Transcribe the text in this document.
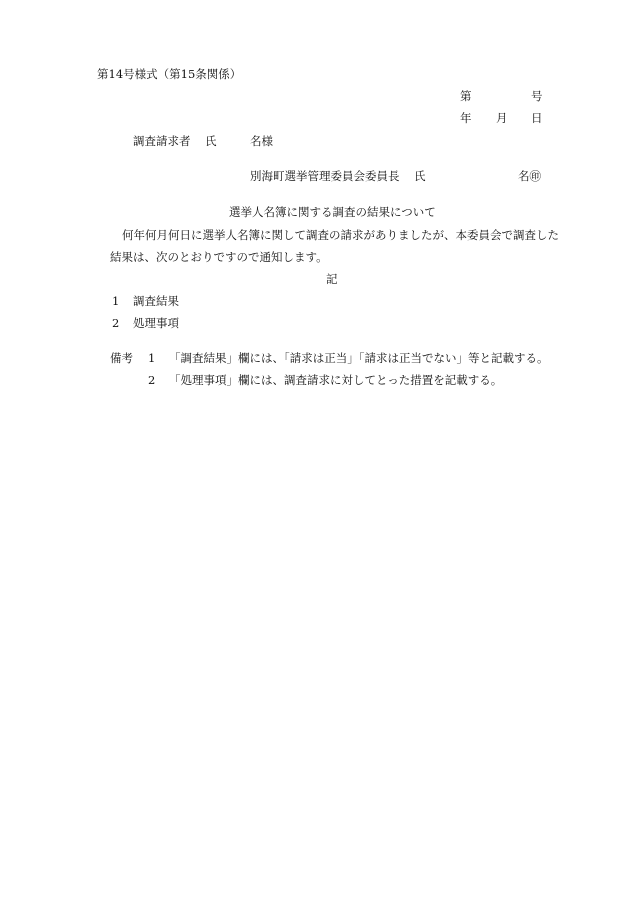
第14号様式（第15条関係）
第	号
年 月 日
調査請求者 氏	名様
別海町選挙管理委員会委員長 氏	名㊞
選挙人名簿に関する調査の結果について
何年何月何日に選挙人名簿に関して調査の請求がありましたが、本委員会で調査した
結果は、次のとおりですので通知します。
記
1 調査結果
2 処理事項
備考 1 「調査結果」欄には、「請求は正当」「請求は正当でない」等と記載する。
2 「処理事項」欄には、調査請求に対してとった措置を記載する。
